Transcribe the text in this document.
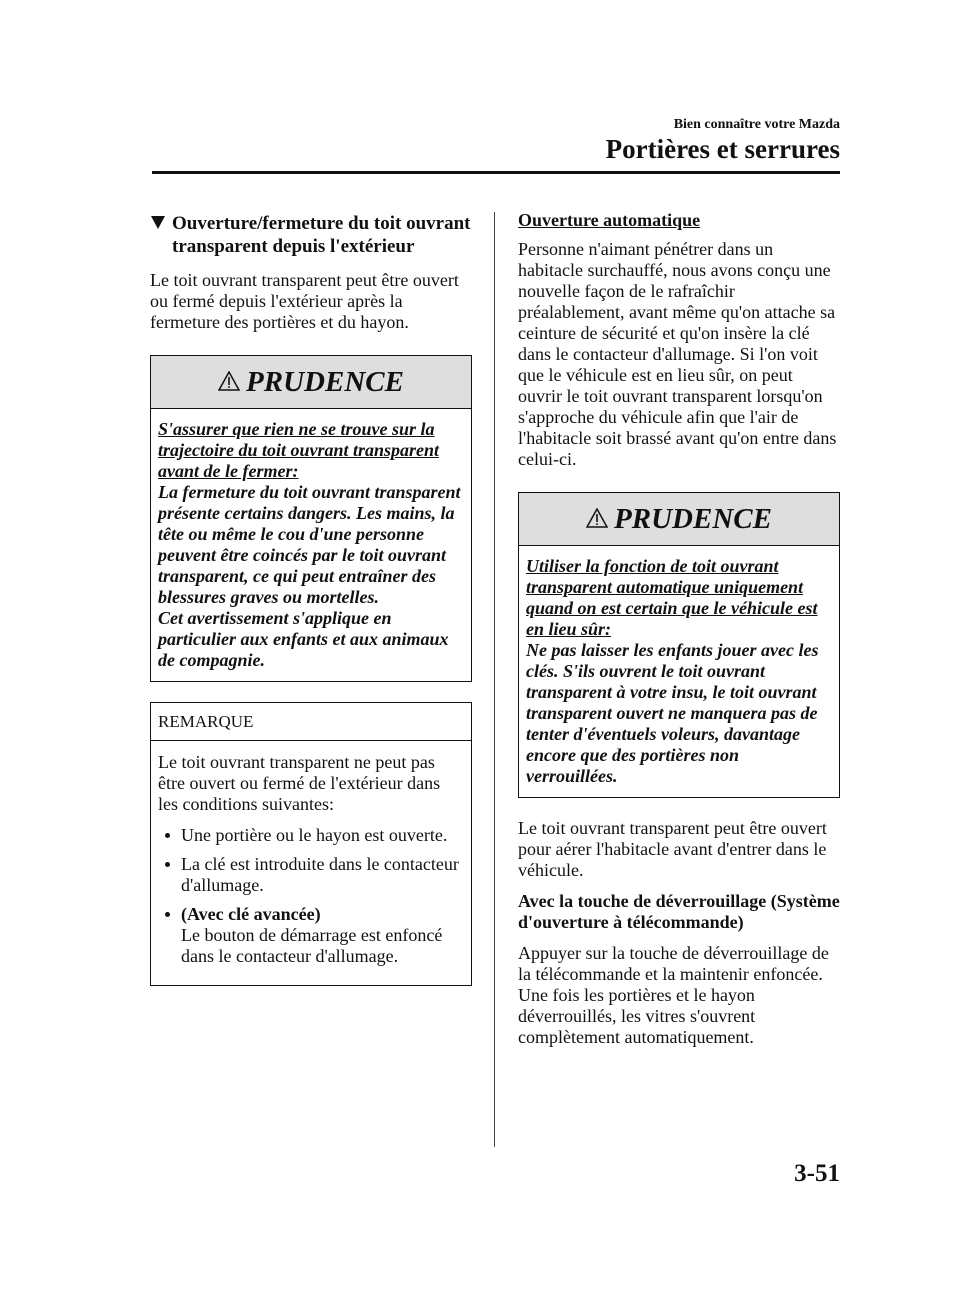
Bien connaître votre Mazda
Portières et serrures
Ouverture/fermeture du toit ouvrant transparent depuis l'extérieur

Le toit ouvrant transparent peut être ouvert ou fermé depuis l'extérieur après la fermeture des portières et du hayon.

PRUDENCE
S'assurer que rien ne se trouve sur la trajectoire du toit ouvrant transparent avant de le fermer:
La fermeture du toit ouvrant transparent présente certains dangers. Les mains, la tête ou même le cou d'une personne peuvent être coincés par le toit ouvrant transparent, ce qui peut entraîner des blessures graves ou mortelles.
Cet avertissement s'applique en particulier aux enfants et aux animaux de compagnie.
REMARQUE

Le toit ouvrant transparent ne peut pas être ouvert ou fermé de l'extérieur dans les conditions suivantes:

Une portière ou le hayon est ouverte.
La clé est introduite dans le contacteur d'allumage.
(Avec clé avancée)
Le bouton de démarrage est enfoncé dans le contacteur d'allumage.
Ouverture automatique

Personne n'aimant pénétrer dans un habitacle surchauffé, nous avons conçu une nouvelle façon de le rafraîchir préalablement, avant même qu'on attache sa ceinture de sécurité et qu'on insère la clé dans le contacteur d'allumage. Si l'on voit que le véhicule est en lieu sûr, on peut ouvrir le toit ouvrant transparent lorsqu'on s'approche du véhicule afin que l'air de l'habitacle soit brassé avant qu'on entre dans celui-ci.

PRUDENCE
Utiliser la fonction de toit ouvrant transparent automatique uniquement quand on est certain que le véhicule est en lieu sûr:
Ne pas laisser les enfants jouer avec les clés. S'ils ouvrent le toit ouvrant transparent à votre insu, le toit ouvrant transparent ouvert ne manquera pas de tenter d'éventuels voleurs, davantage encore que des portières non verrouillées.

Le toit ouvrant transparent peut être ouvert pour aérer l'habitacle avant d'entrer dans le véhicule.

Avec la touche de déverrouillage (Système d'ouverture à télécommande)

Appuyer sur la touche de déverrouillage de la télécommande et la maintenir enfoncée. Une fois les portières et le hayon déverrouillés, les vitres s'ouvrent complètement automatiquement.

3-51
